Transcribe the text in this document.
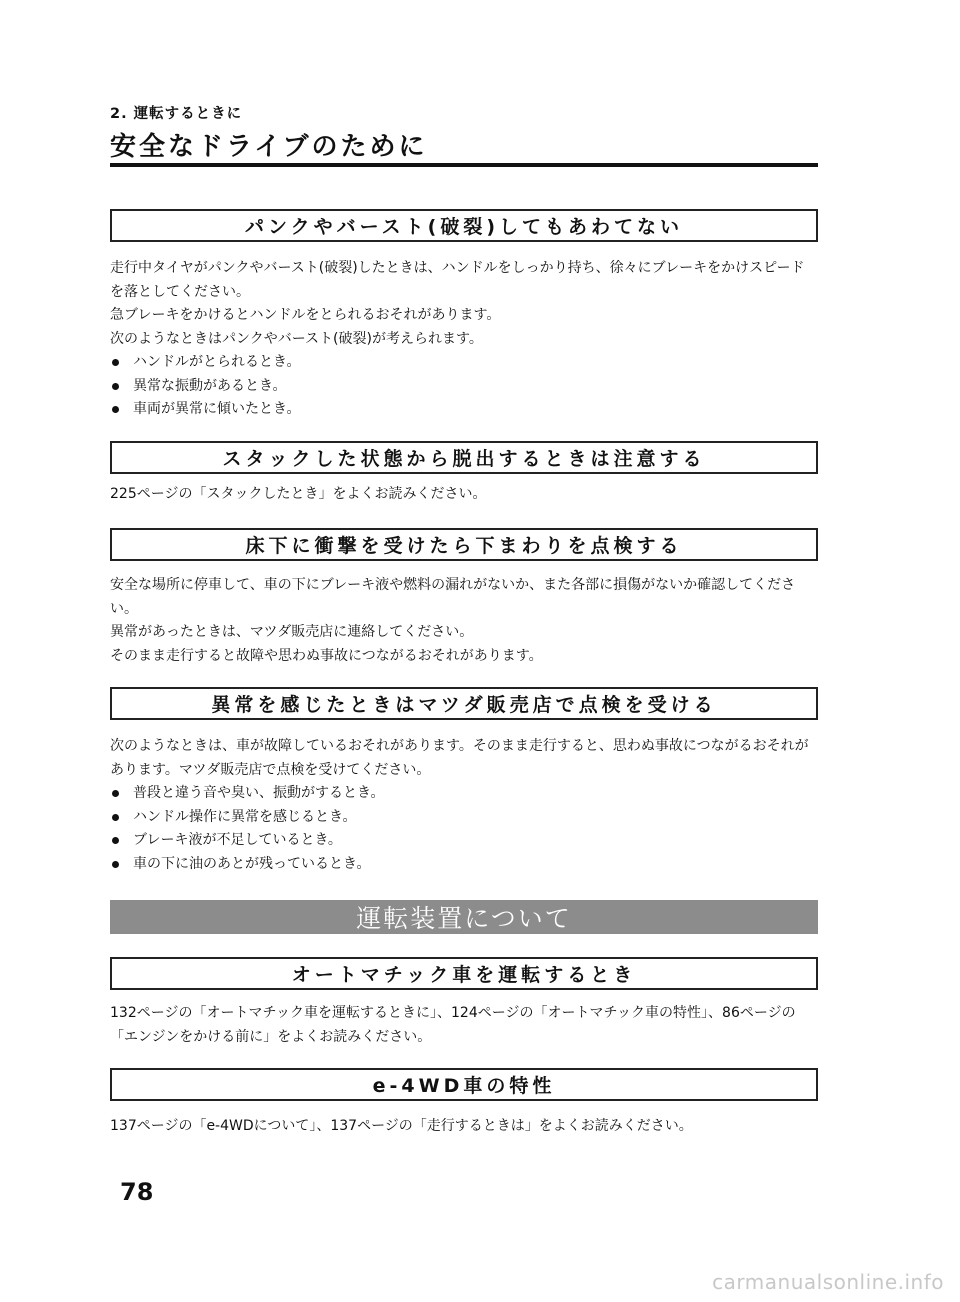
2. 運転するときに
安全なドライブのために
パンクやバースト(破裂)してもあわてない

走行中タイヤがパンクやバースト(破裂)したときは、ハンドルをしっかり持ち、徐々にブレーキをかけスピードを落としてください。

急ブレーキをかけるとハンドルをとられるおそれがあります。

次のようなときはパンクやバースト(破裂)が考えられます。

ハンドルがとられるとき。

異常な振動があるとき。

車両が異常に傾いたとき。

スタックした状態から脱出するときは注意する

225ページの「スタックしたとき」をよくお読みください。

床下に衝撃を受けたら下まわりを点検する

安全な場所に停車して、車の下にブレーキ液や燃料の漏れがないか、また各部に損傷がないか確認してください。

異常があったときは、マツダ販売店に連絡してください。

そのまま走行すると故障や思わぬ事故につながるおそれがあります。

異常を感じたときはマツダ販売店で点検を受ける

次のようなときは、車が故障しているおそれがあります。そのまま走行すると、思わぬ事故につながるおそれがあります。マツダ販売店で点検を受けてください。

普段と違う音や臭い、振動がするとき。

ハンドル操作に異常を感じるとき。

ブレーキ液が不足しているとき。

車の下に油のあとが残っているとき。

運転装置について
オートマチック車を運転するとき

132ページの「オートマチック車を運転するときに」、124ページの「オートマチック車の特性」、86ページの「エンジンをかける前に」をよくお読みください。

e-4WD車の特性

137ページの「e-4WDについて」、137ページの「走行するときは」をよくお読みください。

78
carmanualsonline.info
